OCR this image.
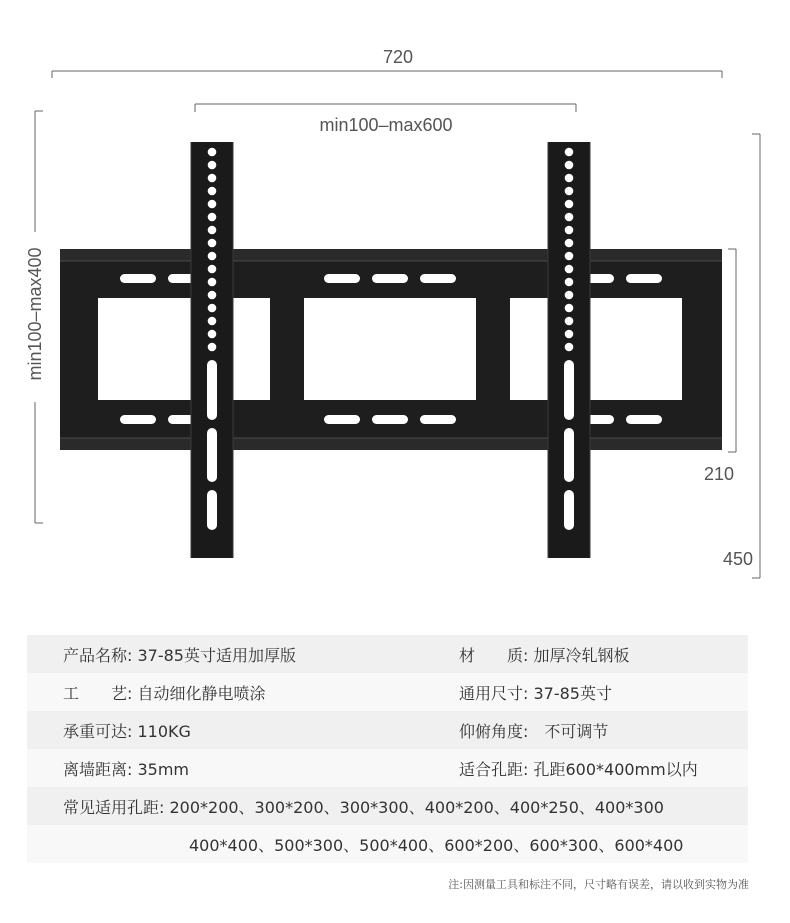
720
min100–max600
min100–max400
210
450
产品名称: 37-85英寸适用加厚版	材　　质: 加厚冷轧钢板
工　　艺: 自动细化静电喷涂	通用尺寸: 37-85英寸
承重可达: 110KG	仰俯角度:　不可调节
离墙距离: 35mm	适合孔距: 孔距600*400mm以内
常见适用孔距: 200*200、300*200、300*300、400*200、400*250、400*300
400*400、500*300、500*400、600*200、600*300、600*400
注:因测量工具和标注不同，尺寸略有误差，请以收到实物为准
